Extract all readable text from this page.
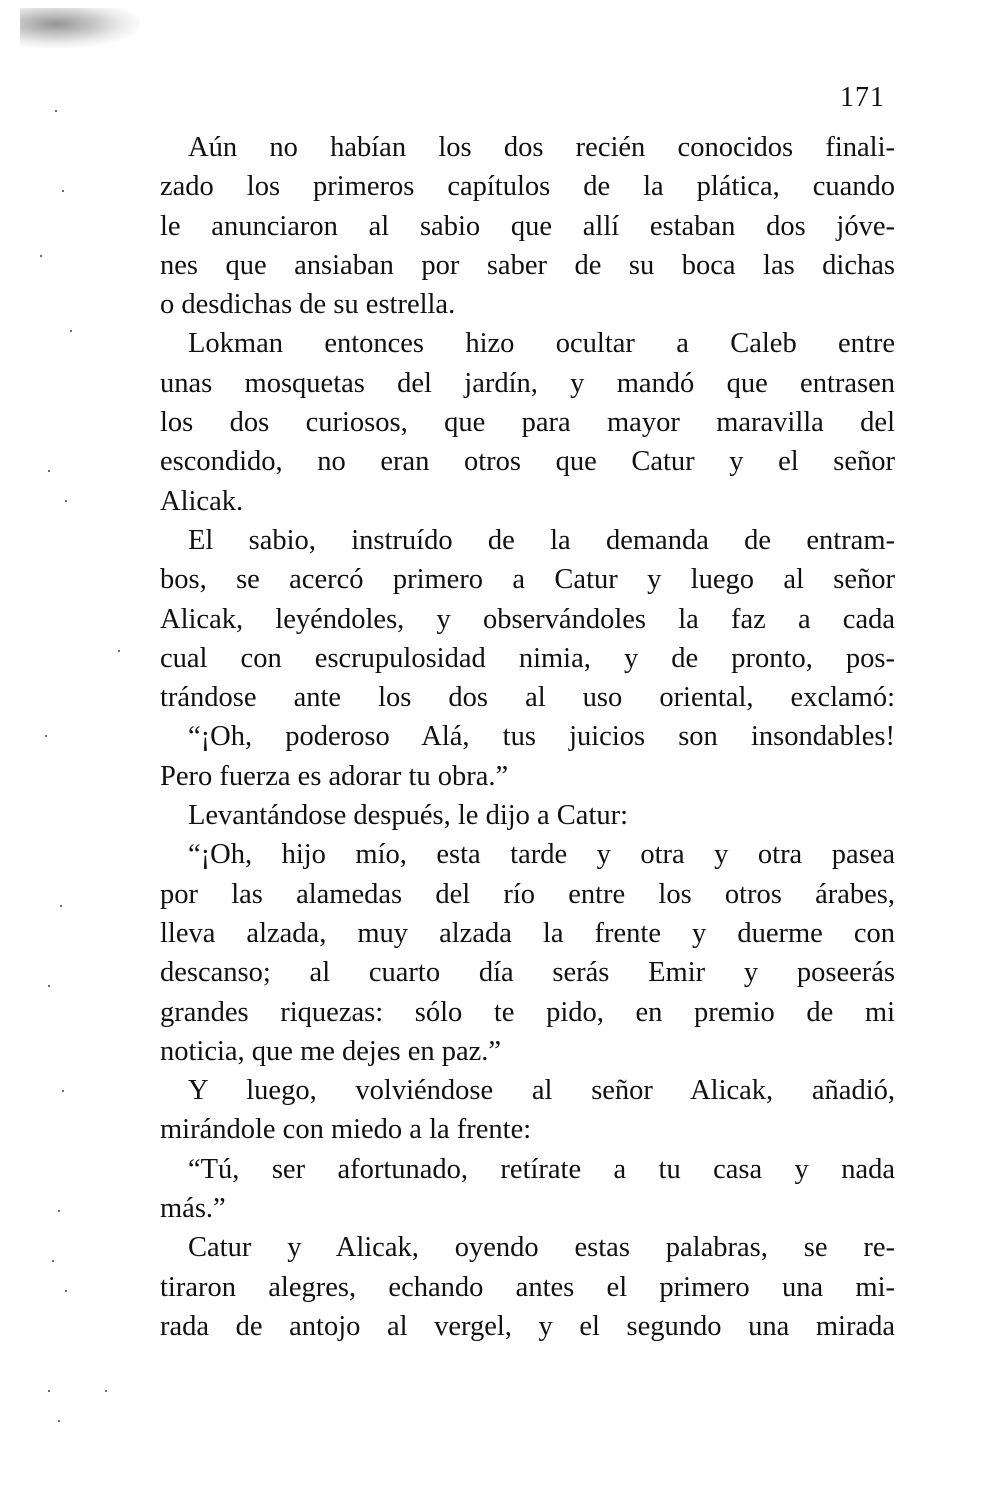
171
Aún no habían los dos recién conocidos finali-
zado los primeros capítulos de la plática, cuando
le anunciaron al sabio que allí estaban dos jóve-
nes que ansiaban por saber de su boca las dichas
o desdichas de su estrella.
Lokman entonces hizo ocultar a Caleb entre
unas mosquetas del jardín, y mandó que entrasen
los dos curiosos, que para mayor maravilla del
escondido, no eran otros que Catur y el señor
Alicak.
El sabio, instruído de la demanda de entram-
bos, se acercó primero a Catur y luego al señor
Alicak, leyéndoles, y observándoles la faz a cada
cual con escrupulosidad nimia, y de pronto, pos-
trándose ante los dos al uso oriental, exclamó:
“¡Oh, poderoso Alá, tus juicios son insondables!
Pero fuerza es adorar tu obra.”
Levantándose después, le dijo a Catur:
“¡Oh, hijo mío, esta tarde y otra y otra pasea
por las alamedas del río entre los otros árabes,
lleva alzada, muy alzada la frente y duerme con
descanso; al cuarto día serás Emir y poseerás
grandes riquezas: sólo te pido, en premio de mi
noticia, que me dejes en paz.”
Y luego, volviéndose al señor Alicak, añadió,
mirándole con miedo a la frente:
“Tú, ser afortunado, retírate a tu casa y nada
más.”
Catur y Alicak, oyendo estas palabras, se re-
tiraron alegres, echando antes el primero una mi-
rada de antojo al vergel, y el segundo una mirada
